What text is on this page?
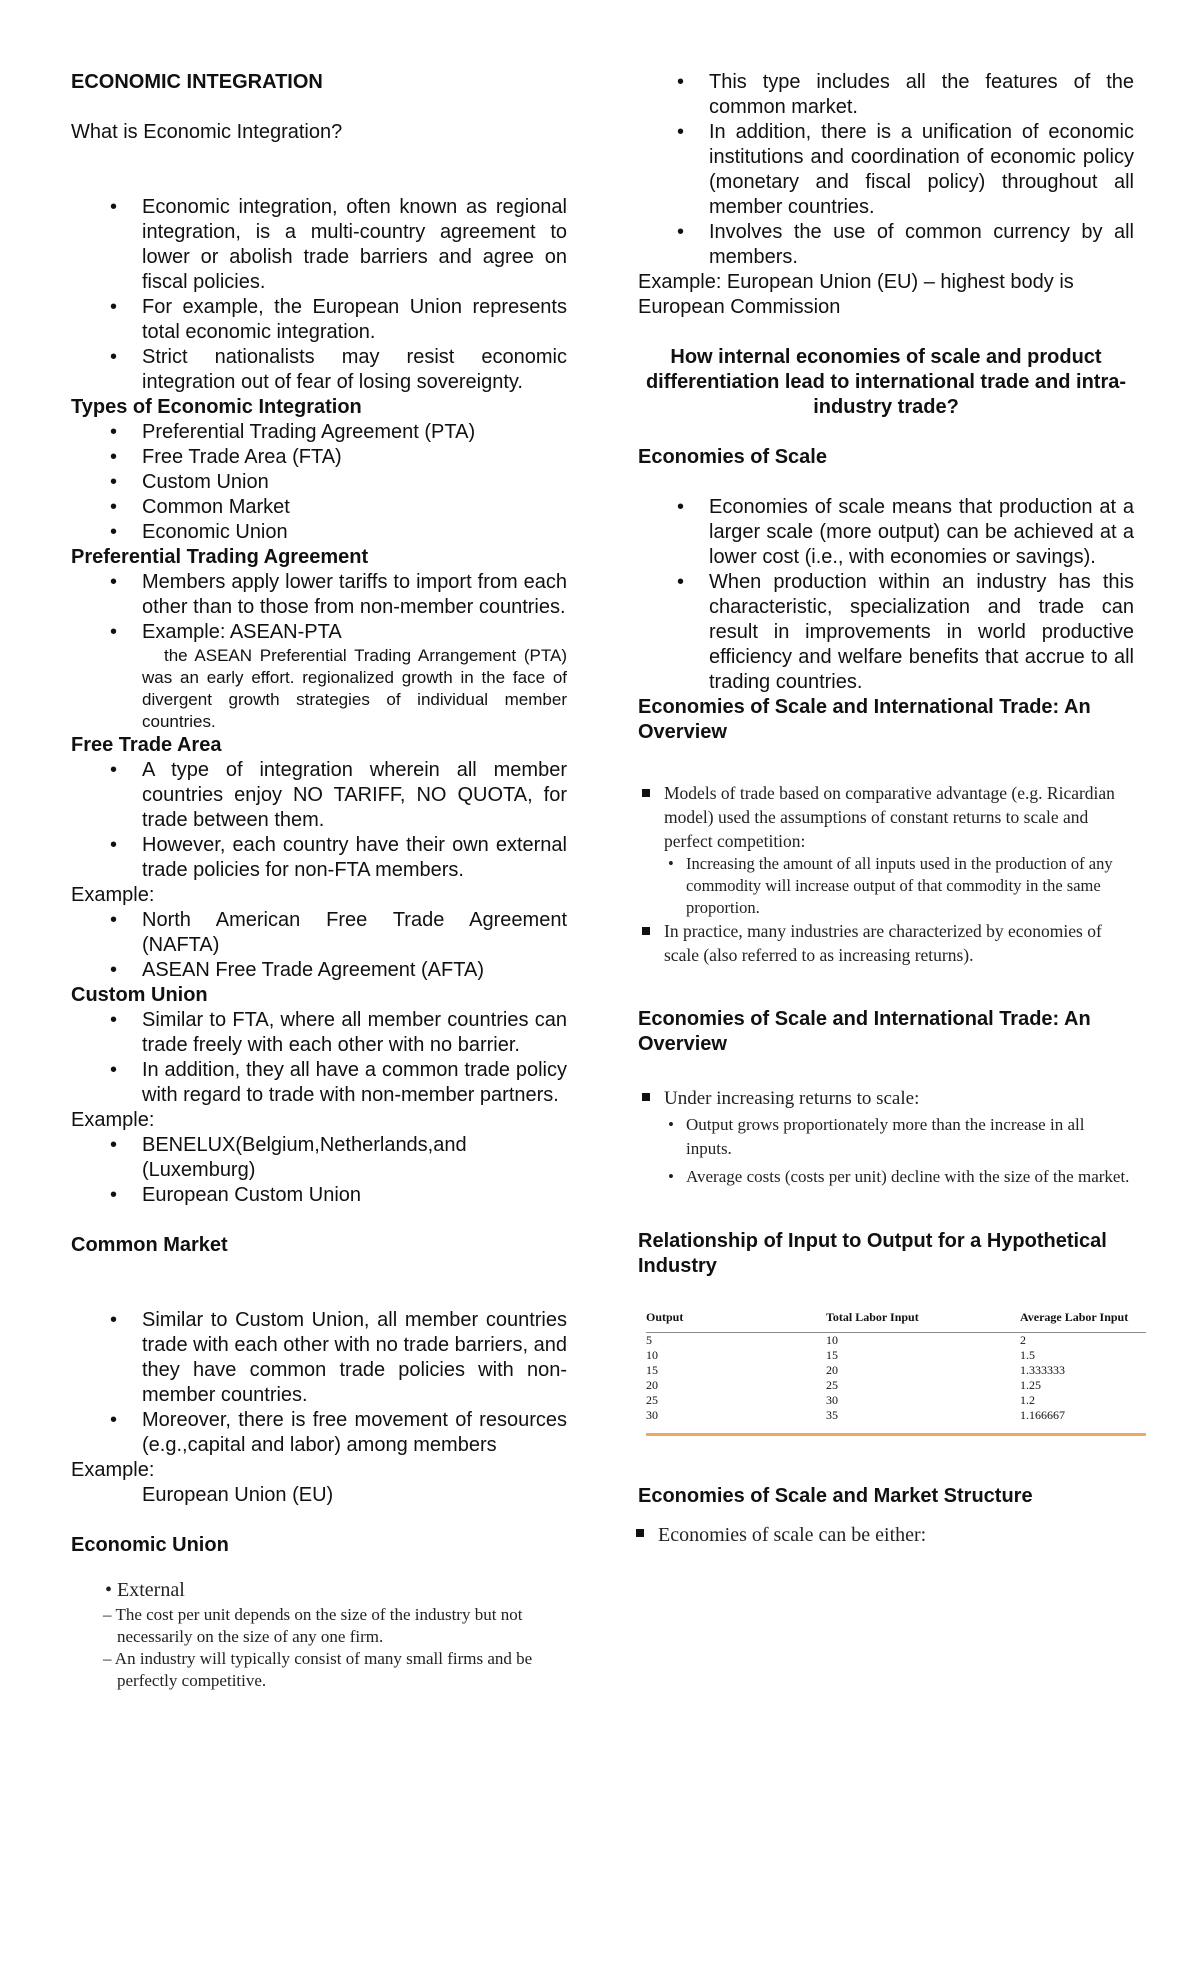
ECONOMIC INTEGRATION

What is Economic Integration?

• Economic integration, often known as regional integration, is a multi-country agreement to lower or abolish trade barriers and agree on fiscal policies.
• For example, the European Union represents total economic integration.
• Strict nationalists may resist economic integration out of fear of losing sovereignty.

Types of Economic Integration

• Preferential Trading Agreement (PTA)
• Free Trade Area (FTA)
• Custom Union
• Common Market
• Economic Union

Preferential Trading Agreement

• Members apply lower tariffs to import from each other than to those from non-member countries.
• Example: ASEAN-PTA

the ASEAN Preferential Trading Arrangement (PTA) was an early effort. regionalized growth in the face of divergent growth strategies of individual member countries.

Free Trade Area

• A type of integration wherein all member countries enjoy NO TARIFF, NO QUOTA, for trade between them.
• However, each country have their own external trade policies for non-FTA members.

Example:

• North American Free Trade Agreement (NAFTA)
• ASEAN Free Trade Agreement (AFTA)

Custom Union

• Similar to FTA, where all member countries can trade freely with each other with no barrier.
• In addition, they all have a common trade policy with regard to trade with non-member partners.

Example:

• BENELUX(Belgium,Netherlands,and (Luxemburg)
• European Custom Union

Common Market

• Similar to Custom Union, all member countries trade with each other with no trade barriers, and they have common trade policies with non-member countries.
• Moreover, there is free movement of resources (e.g.,capital and labor) among members

Example:

European Union (EU)

Economic Union

• External

– The cost per unit depends on the size of the industry but not necessarily on the size of any one firm.

– An industry will typically consist of many small firms and be perfectly competitive.

• This type includes all the features of the common market.
• In addition, there is a unification of economic institutions and coordination of economic policy (monetary and fiscal policy) throughout all member countries.
• Involves the use of common currency by all members.

Example: European Union (EU) – highest body is European Commission

How internal economies of scale and product differentiation lead to international trade and intra- industry trade?

Economies of Scale

• Economies of scale means that production at a larger scale (more output) can be achieved at a lower cost (i.e., with economies or savings).
• When production within an industry has this characteristic, specialization and trade can result in improvements in world productive efficiency and welfare benefits that accrue to all trading countries.

Economies of Scale and International Trade: An Overview

Models of trade based on comparative advantage (e.g. Ricardian model) used the assumptions of constant returns to scale and perfect competition:

• Increasing the amount of all inputs used in the production of any commodity will increase output of that commodity in the same proportion.

In practice, many industries are characterized by economies of scale (also referred to as increasing returns).

Economies of Scale and International Trade: An Overview

Under increasing returns to scale:

• Output grows proportionately more than the increase in all inputs.

• Average costs (costs per unit) decline with the size of the market.

Relationship of Input to Output for a Hypothetical Industry

Output	Total Labor Input	Average Labor Input
5	10	2
10	15	1.5
15	20	1.333333
20	25	1.25
25	30	1.2
30	35	1.166667

Economies of Scale and Market Structure

Economies of scale can be either:
